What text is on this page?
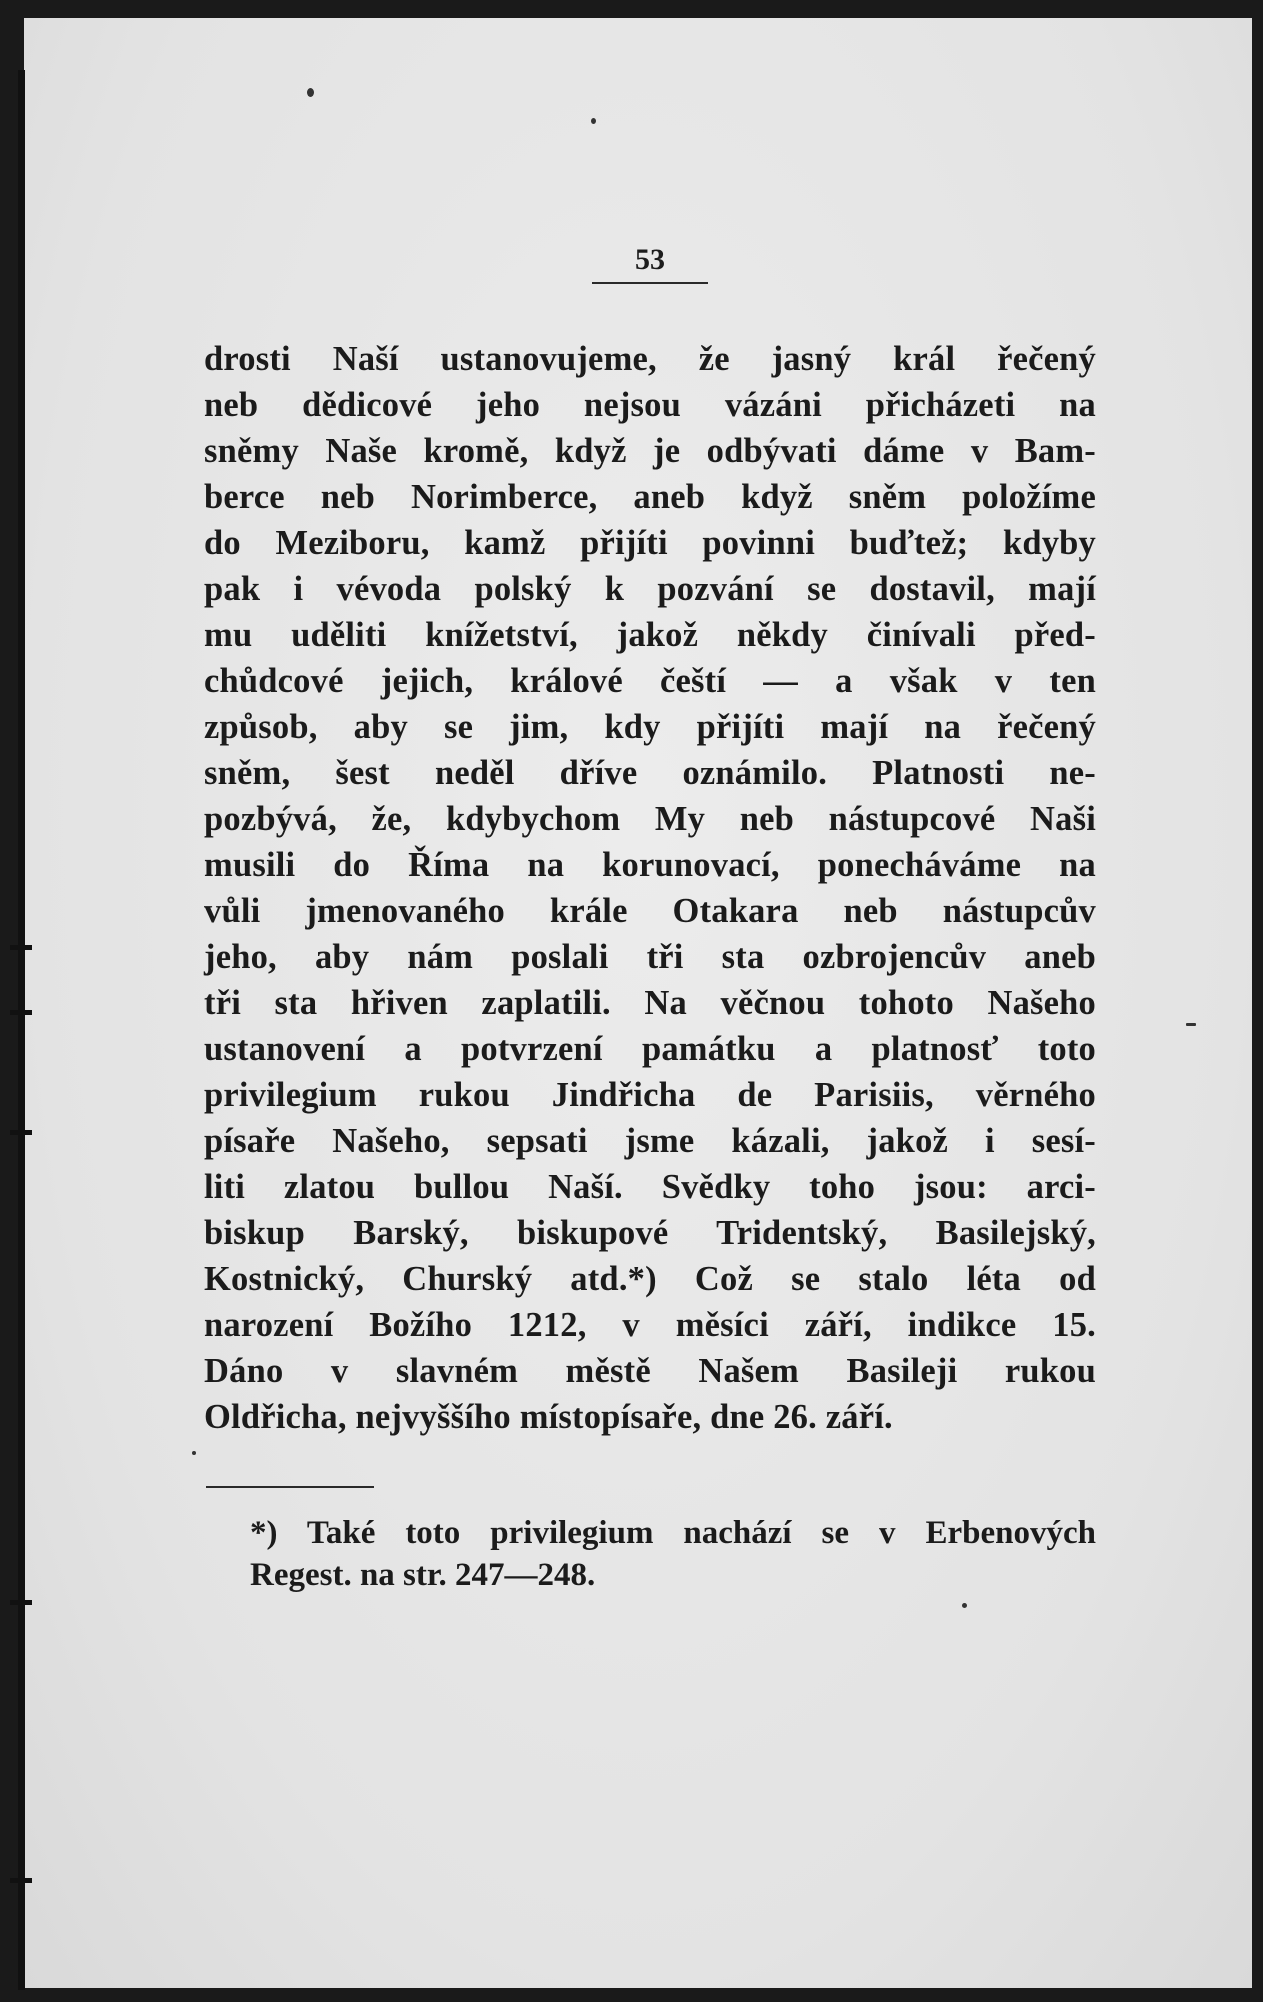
53
drosti Naší ustanovujeme, že jasný král řečený
neb dědicové jeho nejsou vázáni přicházeti na
sněmy Naše kromě, když je odbývati dáme v Bam-
berce neb Norimberce, aneb když sněm položíme
do Meziboru, kamž přijíti povinni buďtež; kdyby
pak i vévoda polský k pozvání se dostavil, mají
mu uděliti knížetství, jakož někdy činívali před-
chůdcové jejich, králové čeští — a však v ten
způsob, aby se jim, kdy přijíti mají na řečený
sněm, šest neděl dříve oznámilo. Platnosti ne-
pozbývá, že, kdybychom My neb nástupcové Naši
musili do Říma na korunovací, ponecháváme na
vůli jmenovaného krále Otakara neb nástupcův
jeho, aby nám poslali tři sta ozbrojencův aneb
tři sta hřiven zaplatili. Na věčnou tohoto Našeho
ustanovení a potvrzení památku a platnosť toto
privilegium rukou Jindřicha de Parisiis, věrného
písaře Našeho, sepsati jsme kázali, jakož i sesí-
liti zlatou bullou Naší. Svědky toho jsou: arci-
biskup Barský, biskupové Tridentský, Basilejský,
Kostnický, Churský atd.*) Což se stalo léta od
narození Božího 1212, v měsíci září, indikce 15.
Dáno v slavném městě Našem Basileji rukou
Oldřicha, nejvyššího místopísaře, dne 26. září.
*) Také toto privilegium nachází se v Erbenových
Regest. na str. 247—248.
